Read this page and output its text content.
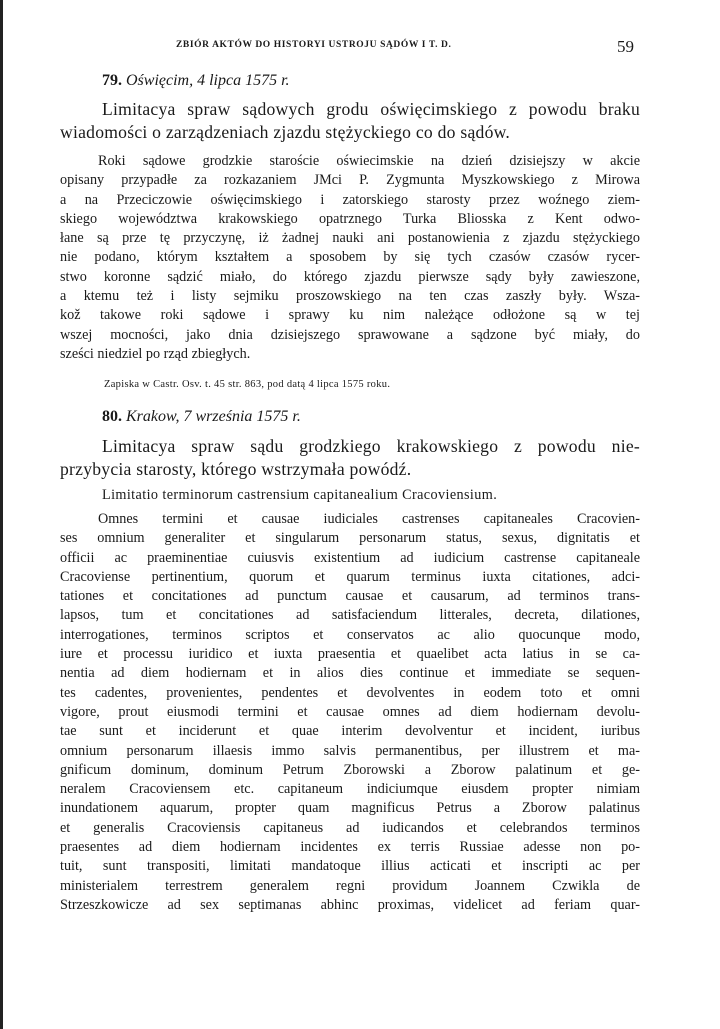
ZBIÓR AKTÓW DO HISTORYI USTROJU SĄDÓW I T. D.	59
79. Oświęcim, 4 lipca 1575 r.
Limitacya spraw sądowych grodu oświęcimskiego z powodu braku
wiadomości o zarządzeniach zjazdu stężyckiego co do sądów.
Roki sądowe grodzkie staroście oświecimskie na dzień dzisiejszy w akcie
opisany przypadłe za rozkazaniem JMci P. Zygmunta Myszkowskiego z Mirowa
a na Przeciczowie oświęcimskiego i zatorskiego starosty przez woźnego ziem-
skiego województwa krakowskiego opatrznego Turka Bliosska z Kent odwo-
łane są prze tę przyczynę, iż żadnej nauki ani postanowienia z zjazdu stężyckiego
nie podano, którym kształtem a sposobem by się tych czasów czasów rycer-
stwo koronne sądzić miało, do którego zjazdu pierwsze sądy były zawieszone,
a ktemu też i listy sejmiku proszowskiego na ten czas zaszły były. Wsza-
kož takowe roki sądowe i sprawy ku nim należące odłożone są w tej
wszej mocności, jako dnia dzisiejszego sprawowane a sądzone być miały, do
sześci niedziel po rząd zbiegłych.
Zapiska w Castr. Osv. t. 45 str. 863, pod datą 4 lipca 1575 roku.
80. Krakow, 7 września 1575 r.
Limitacya spraw sądu grodzkiego krakowskiego z powodu nie-
przybycia starosty, którego wstrzymała powódź.
Limitatio terminorum castrensium capitanealium Cracoviensium.
Omnes termini et causae iudiciales castrenses capitaneales Cracovien-
ses omnium generaliter et singularum personarum status, sexus, dignitatis et
officii ac praeminentiae cuiusvis existentium ad iudicium castrense capitaneale
Cracoviense pertinentium, quorum et quarum terminus iuxta citationes, adci-
tationes et concitationes ad punctum causae et causarum, ad terminos trans-
lapsos, tum et concitationes ad satisfaciendum litterales, decreta, dilationes,
interrogationes, terminos scriptos et conservatos ac alio quocunque modo,
iure et processu iuridico et iuxta praesentia et quaelibet acta latius in se ca-
nentia ad diem hodiernam et in alios dies continue et immediate se sequen-
tes cadentes, provenientes, pendentes et devolventes in eodem toto et omni
vigore, prout eiusmodi termini et causae omnes ad diem hodiernam devolu-
tae sunt et inciderunt et quae interim devolventur et incident, iuribus
omnium personarum illaesis immo salvis permanentibus, per illustrem et ma-
gnificum dominum, dominum Petrum Zborowski a Zborow palatinum et ge-
neralem Cracoviensem etc. capitaneum indiciumque eiusdem propter nimiam
inundationem aquarum, propter quam magnificus Petrus a Zborow palatinus
et generalis Cracoviensis capitaneus ad iudicandos et celebrandos terminos
praesentes ad diem hodiernam incidentes ex terris Russiae adesse non po-
tuit, sunt transpositi, limitati mandatoque illius acticati et inscripti ac per
ministerialem terrestrem generalem regni providum Joannem Czwikla de
Strzeszkowicze ad sex septimanas abhinc proximas, videlicet ad feriam quar-
